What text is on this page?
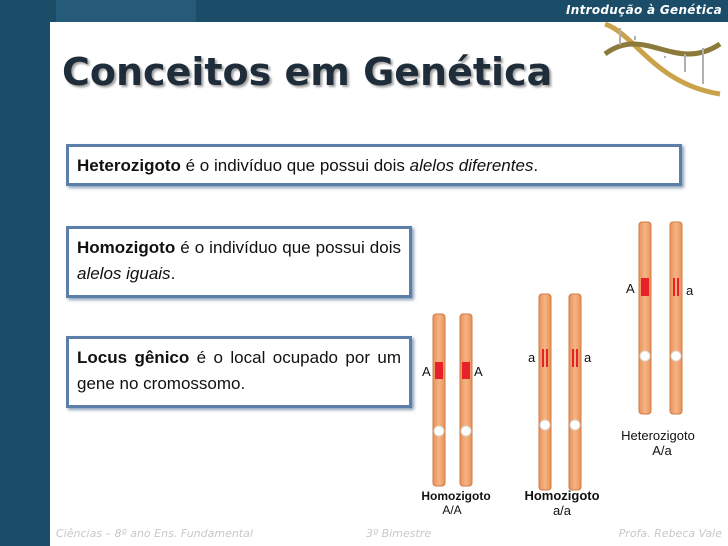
Introdução à Genética
Conceitos em Genética
Heterozigoto é o indivíduo que possui dois alelos diferentes.
Homozigoto é o indivíduo que possui dois alelos iguais.
Locus gênico é o local ocupado por um gene no cromossomo.
A	A
Homozigoto
A/A
a	a
Homozigoto
a/a
A	a
Heterozigoto
A/a
Ciências – 8º ano Ens. Fundamental	3º Bimestre	Profa. Rebeca Vale
